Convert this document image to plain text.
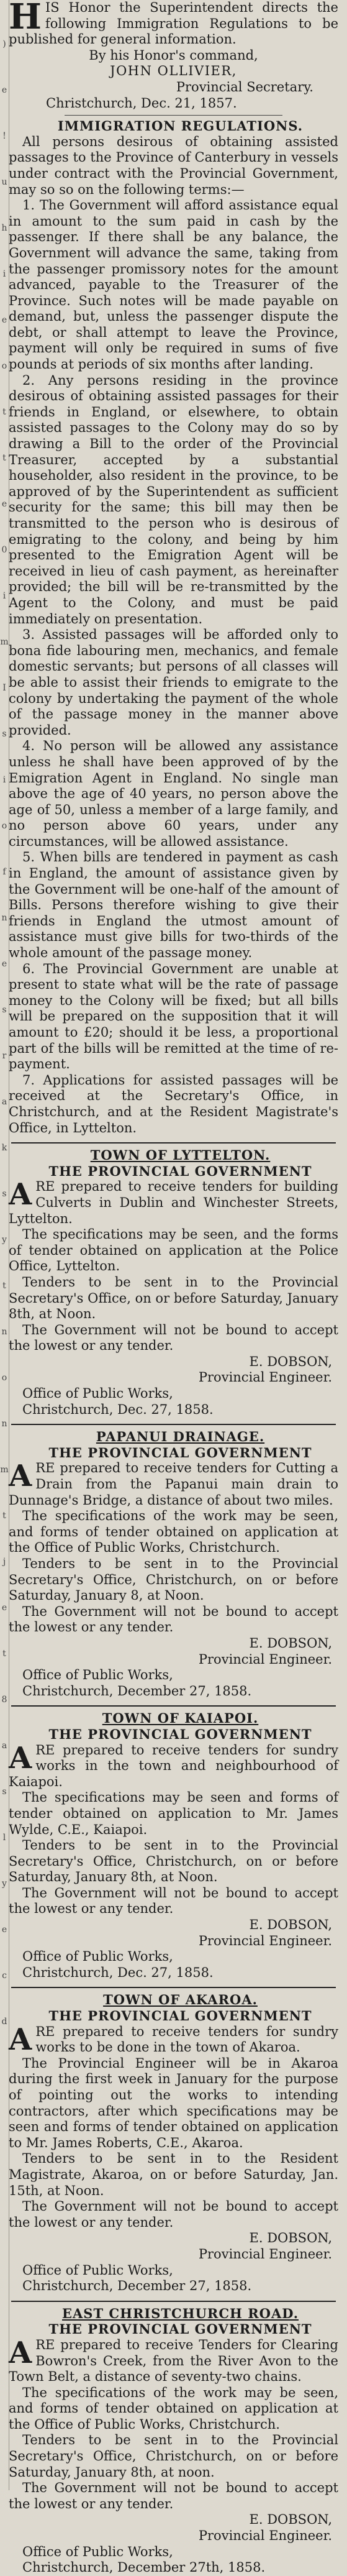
)
e
!
u
h
i
e
o
t
t
e
0
i
m
I
s
i
o
f
n
e
s
r
a
k
s
y
t
n
o
n
m
t
j
e
t
8
a
s
l
y
e
c
d

HIS Honor the Superintendent directs the following Immigration Regulations to be published for general information.

By his Honor's command,

JOHN OLLIVIER,

Provincial Secretary.

Christchurch, Dec. 21, 1857.

IMMIGRATION REGULATIONS.

All persons desirous of obtaining assisted passages to the Province of Canterbury in vessels under contract with the Provincial Government, may so so on the following terms:—

1. The Government will afford assistance equal in amount to the sum paid in cash by the passenger. If there shall be any balance, the Government will advance the same, taking from the passenger promissory notes for the amount advanced, payable to the Treasurer of the Province. Such notes will be made payable on demand, but, unless the passenger dispute the debt, or shall attempt to leave the Province, payment will only be required in sums of five pounds at periods of six months after landing.

2. Any persons residing in the province desirous of obtaining assisted passages for their friends in England, or elsewhere, to obtain assisted passages to the Colony may do so by drawing a Bill to the order of the Provincial Treasurer, accepted by a substantial householder, also resident in the province, to be approved of by the Superintendent as sufficient security for the same; this bill may then be transmitted to the person who is desirous of emigrating to the colony, and being by him presented to the Emigration Agent will be received in lieu of cash payment, as hereinafter provided; the bill will be re-transmitted by the Agent to the Colony, and must be paid immediately on presentation.

3. Assisted passages will be afforded only to bona fide labouring men, mechanics, and female domestic servants; but persons of all classes will be able to assist their friends to emigrate to the colony by undertaking the payment of the whole of the passage money in the manner above provided.

4. No person will be allowed any assistance unless he shall have been approved of by the Emigration Agent in England. No single man above the age of 40 years, no person above the age of 50, unless a member of a large family, and no person above 60 years, under any circumstances, will be allowed assistance.

5. When bills are tendered in payment as cash in England, the amount of assistance given by the Government will be one-half of the amount of Bills. Persons therefore wishing to give their friends in England the utmost amount of assistance must give bills for two-thirds of the whole amount of the passage money.

6. The Provincial Government are unable at present to state what will be the rate of passage money to the Colony will be fixed; but all bills will be prepared on the supposition that it will amount to £20; should it be less, a proportional part of the bills will be remitted at the time of re-payment.

7. Applications for assisted passages will be received at the Secretary's Office, in Christchurch, and at the Resident Magistrate's Office, in Lyttelton.

TOWN OF LYTTELTON.

THE PROVINCIAL GOVERNMENT

ARE prepared to receive tenders for building Culverts in Dublin and Winchester Streets, Lyttelton.

The specifications may be seen, and the forms of tender obtained on application at the Police Office, Lyttelton.

Tenders to be sent in to the Provincial Secretary's Office, on or before Saturday, January 8th, at Noon.

The Government will not be bound to accept the lowest or any tender.

E. DOBSON,

Provincial Engineer.

Office of Public Works,

Christchurch, Dec. 27, 1858.

PAPANUI DRAINAGE.

THE PROVINCIAL GOVERNMENT

ARE prepared to receive tenders for Cutting a Drain from the Papanui main drain to Dunnage's Bridge, a distance of about two miles.

The specifications of the work may be seen, and forms of tender obtained on application at the Office of Public Works, Christchurch.

Tenders to be sent in to the Provincial Secretary's Office, Christchurch, on or before Saturday, January 8, at Noon.

The Government will not be bound to accept the lowest or any tender.

E. DOBSON,

Provincial Engineer.

Office of Public Works,

Christchurch, December 27, 1858.

TOWN OF KAIAPOI.

THE PROVINCIAL GOVERNMENT

ARE prepared to receive tenders for sundry works in the town and neighbourhood of Kaiapoi.

The specifications may be seen and forms of tender obtained on application to Mr. James Wylde, C.E., Kaiapoi.

Tenders to be sent in to the Provincial Secretary's Office, Christchurch, on or before Saturday, January 8th, at Noon.

The Government will not be bound to accept the lowest or any tender.

E. DOBSON,

Provincial Engineer.

Office of Public Works,

Christchurch, Dec. 27, 1858.

TOWN OF AKAROA.

THE PROVINCIAL GOVERNMENT

ARE prepared to receive tenders for sundry works to be done in the town of Akaroa.

The Provincial Engineer will be in Akaroa during the first week in January for the purpose of pointing out the works to intending contractors, after which specifications may be seen and forms of tender obtained on application to Mr. James Roberts, C.E., Akaroa.

Tenders to be sent in to the Resident Magistrate, Akaroa, on or before Saturday, Jan. 15th, at Noon.

The Government will not be bound to accept the lowest or any tender.

E. DOBSON,

Provincial Engineer.

Office of Public Works,

Christchurch, December 27, 1858.

EAST CHRISTCHURCH ROAD.

THE PROVINCIAL GOVERNMENT

ARE prepared to receive Tenders for Clearing Bowron's Creek, from the River Avon to the Town Belt, a distance of seventy-two chains.

The specifications of the work may be seen, and forms of tender obtained on application at the Office of Public Works, Christchurch.

Tenders to be sent in to the Provincial Secretary's Office, Christchurch, on or before Saturday, January 8th, at noon.

The Government will not be bound to accept the lowest or any tender.

E. DOBSON,

Provincial Engineer.

Office of Public Works,

Christchurch, December 27th, 1858.
